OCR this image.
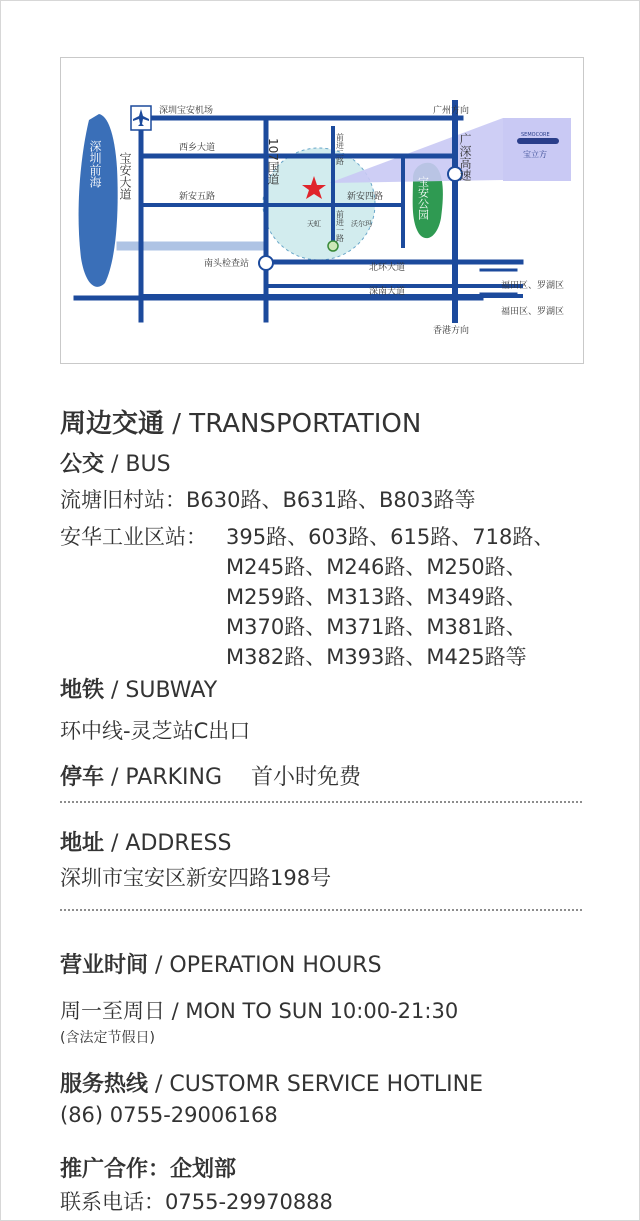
深圳前海 宝安大道
深圳宝安机场	广州方向
西乡大道
新安五路
107国道	前进二路
前进一路
新安四路
天虹	沃尔玛
宝安公园
广深高速
南头检查站	北环大道
深南大道
福田区、罗湖区
福田区、罗湖区
香港方向
SEMOCORE
宝立方
周边交通 / TRANSPORTATION
公交 / BUS
流塘旧村站：B630路、B631路、B803路等
安华工业区站： 395路、603路、615路、718路、
M245路、M246路、M250路、
M259路、M313路、M349路、
M370路、M371路、M381路、
M382路、M393路、M425路等
地铁 / SUBWAY
环中线-灵芝站C出口
停车 / PARKING 首小时免费
地址 / ADDRESS
深圳市宝安区新安四路198号
营业时间 / OPERATION HOURS
周一至周日 / MON TO SUN 10:00-21:30
(含法定节假日)
服务热线 / CUSTOMR SERVICE HOTLINE
(86) 0755-29006168
推广合作：企划部
联系电话：0755-29970888
